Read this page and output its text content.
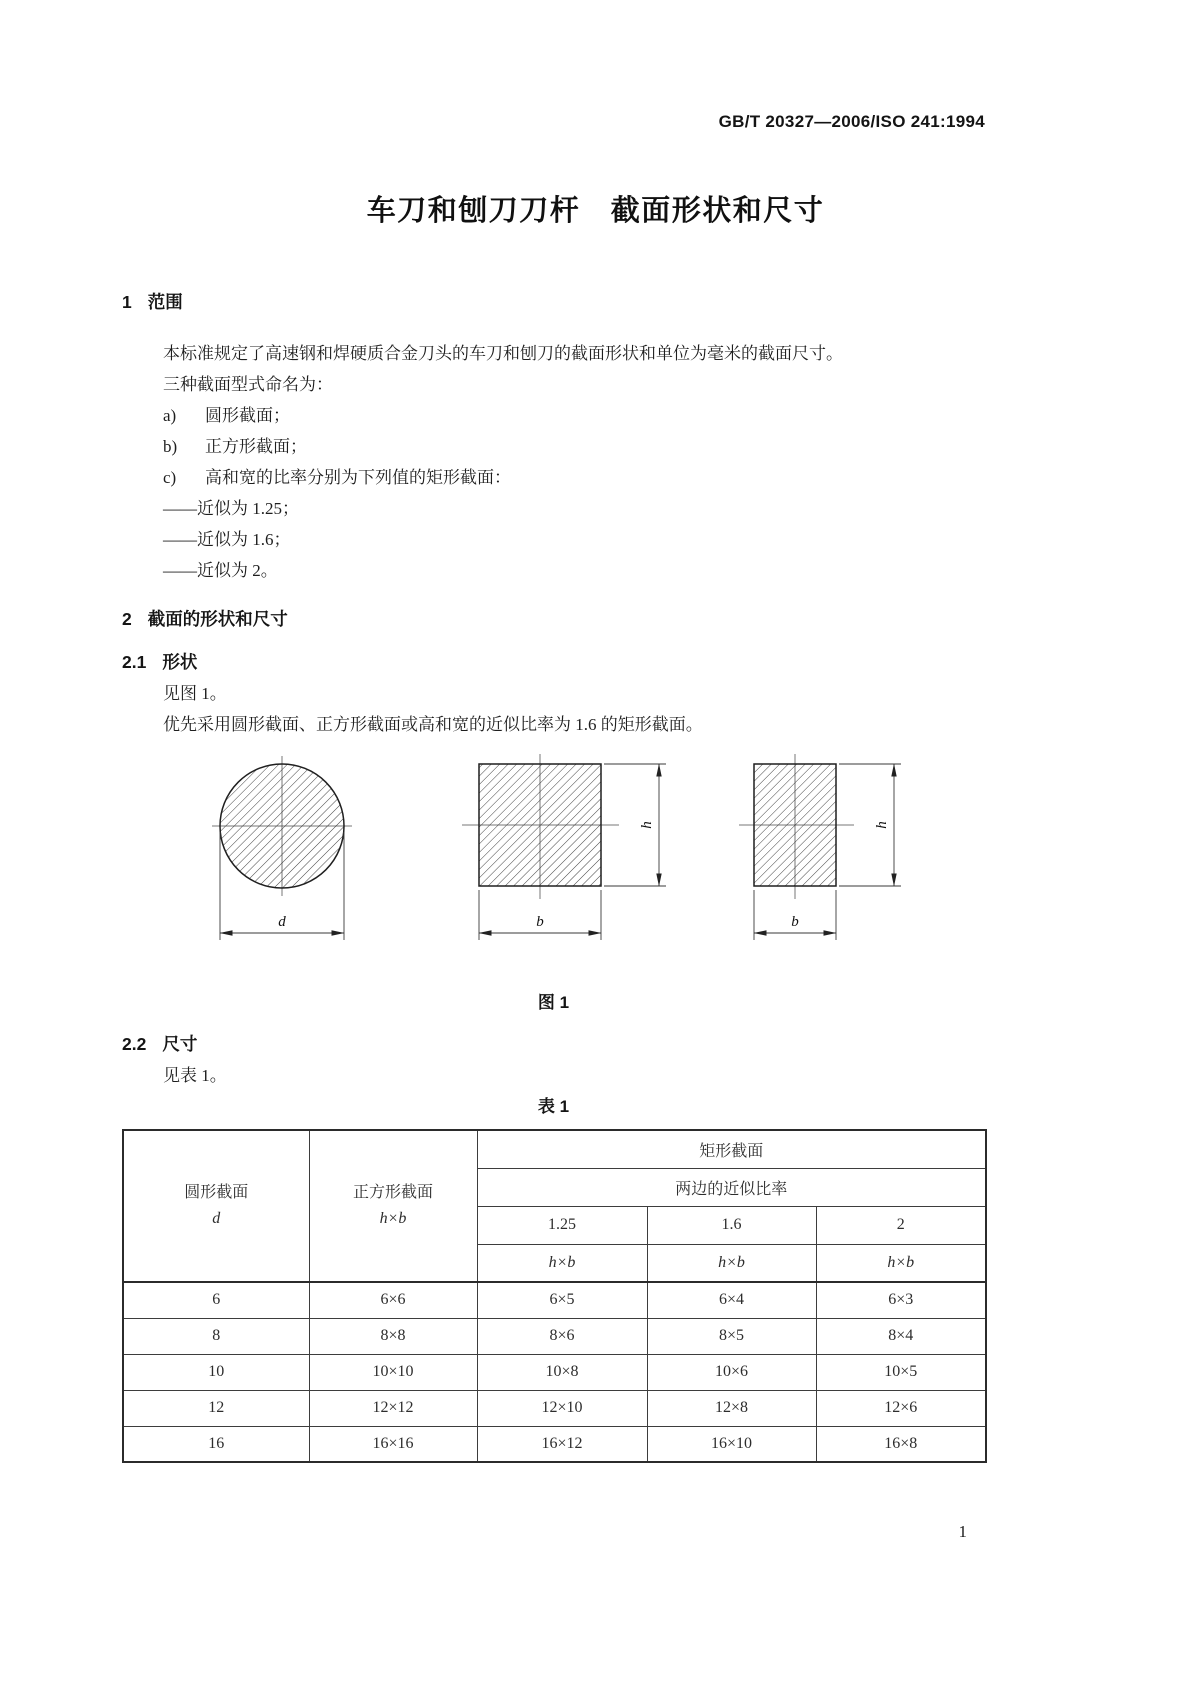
GB/T 20327—2006/ISO 241:1994
车刀和刨刀刀杆　截面形状和尺寸
1 范围

本标准规定了高速钢和焊硬质合金刀头的车刀和刨刀的截面形状和单位为毫米的截面尺寸。

三种截面型式命名为：

a) 圆形截面；

b) 正方形截面；

c) 高和宽的比率分别为下列值的矩形截面：

——近似为 1.25；

——近似为 1.6；

——近似为 2。

2 截面的形状和尺寸
2.1 形状

见图 1。

优先采用圆形截面、正方形截面或高和宽的近似比率为 1.6 的矩形截面。

d
h
b
h
b

图 1

2.2 尺寸

见表 1。

表 1

圆形截面
d

正方形截面
h×b
	矩形截面
		两边的近似比率		
		1.25	1.6	2
		h×b	h×b	h×b
6	6×6	6×5	6×4	6×3
8	8×8	8×6	8×5	8×4
10	10×10	10×8	10×6	10×5
12	12×12	12×10	12×8	12×6
16	16×16	16×12	16×10	16×8
1
